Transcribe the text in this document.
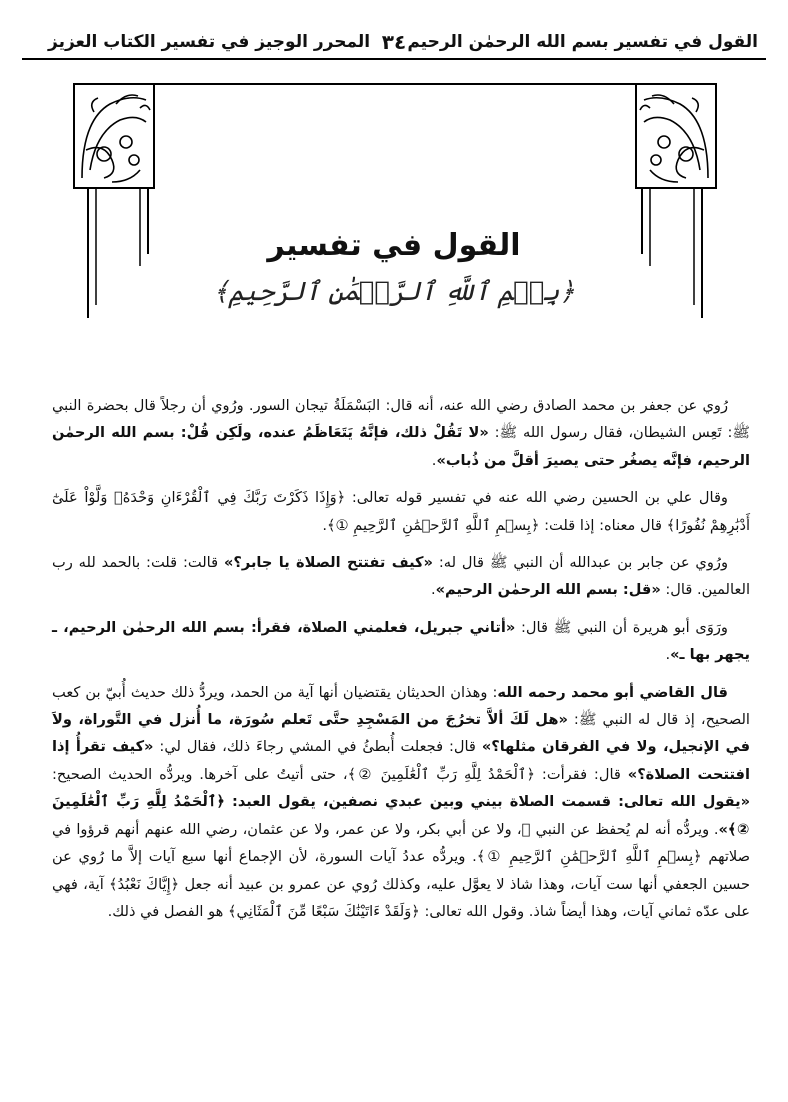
القول في تفسير بسم الله الرحمٰن الرحيم
٣٤
المحرر الوجيز في تفسير الكتاب العزيز
القول في تفسير
﴿بِسۡمِ ٱللَّهِ ٱلرَّحۡمَٰنِ ٱلرَّحِيمِ﴾

رُوي عن جعفر بن محمد الصادق رضي الله عنه، أنه قال: البَسْمَلَةُ تيجان السور. ورُوي أن رجلاً قال بحضرة النبي ﷺ: تَعِس الشيطان، فقال رسول الله ﷺ: «لا تَقُلْ ذلك، فإنَّهُ يَتَعَاظَمُ عنده، ولَكِن قُلْ: بسم الله الرحمٰن الرحيم، فإنَّه يصغُر حتى يصيرَ أقلَّ من ذُباب».

وقال علي بن الحسين رضي الله عنه في تفسير قوله تعالى: ﴿وَإِذَا ذَكَرْتَ رَبَّكَ فِي ٱلْقُرْءَانِ وَحْدَهُۥ وَلَّوْاْ عَلَىٰٓ أَدْبَٰرِهِمْ نُفُورًا﴾ قال معناه: إذا قلت: ﴿بِسۡمِ ٱللَّهِ ٱلرَّحۡمَٰنِ ٱلرَّحِيمِ ①﴾.

ورُوي عن جابر بن عبدالله أن النبي ﷺ قال له: «كيف تفتتح الصلاة يا جابر؟» قالت: قلت: بالحمد لله رب العالمين. قال: «قل: بسم الله الرحمٰن الرحيم».

ورَوَى أبو هريرة أن النبي ﷺ قال: «أتاني جبريل، فعلمني الصلاة، فقرأ: بسم الله الرحمٰن الرحيم، ـ يجهر بها ـ».

قال القاضي أبو محمد رحمه الله: وهذان الحديثان يقتضيان أنها آية من الحمد، ويردُّ ذلك حديث أُبيّ بن كعب الصحيح، إذ قال له النبي ﷺ: «هل لَكَ ألاَّ تخرُجَ من المَسْجِدِ حتَّى تَعلم سُورَة، ما أُنزل في التَّوراة، ولاَ في الإنجيل، ولا في الفرقان مثلها؟» قال: فجعلت أُبطئُ في المشي رجاءَ ذلك، فقال لي: «كيف تقرأُ إذا افتتحت الصلاة؟» قال: فقرأت: ﴿ٱلْحَمْدُ لِلَّهِ رَبِّ ٱلْعَٰلَمِينَ ②﴾، حتى أتيتُ على آخرها. ويردُّه الحديث الصحيح: «يقول الله تعالى: قسمت الصلاة بيني وبين عبدي نصفين، يقول العبد: ﴿ٱلْحَمْدُ لِلَّهِ رَبِّ ٱلْعَٰلَمِينَ ②﴾». ويردُّه أنه لم يُحفظ عن النبي ﷺ، ولا عن أبي بكر، ولا عن عمر، ولا عن عثمان، رضي الله عنهم أنهم قرؤوا في صلاتهم ﴿بِسۡمِ ٱللَّهِ ٱلرَّحۡمَٰنِ ٱلرَّحِيمِ ①﴾. ويردُّه عددُ آيات السورة، لأن الإجماع أنها سبع آيات إلاَّ ما رُوي عن حسين الجعفي أنها ست آيات، وهذا شاذ لا يعوَّل عليه، وكذلك رُوي عن عمرو بن عبيد أنه جعل ﴿إِيَّاكَ نَعْبُدُ﴾ آية، فهي على عدّه ثماني آيات، وهذا أيضاً شاذ. وقول الله تعالى: ﴿وَلَقَدْ ءَاتَيْنَٰكَ سَبْعًا مِّنَ ٱلْمَثَانِي﴾ هو الفصل في ذلك.
